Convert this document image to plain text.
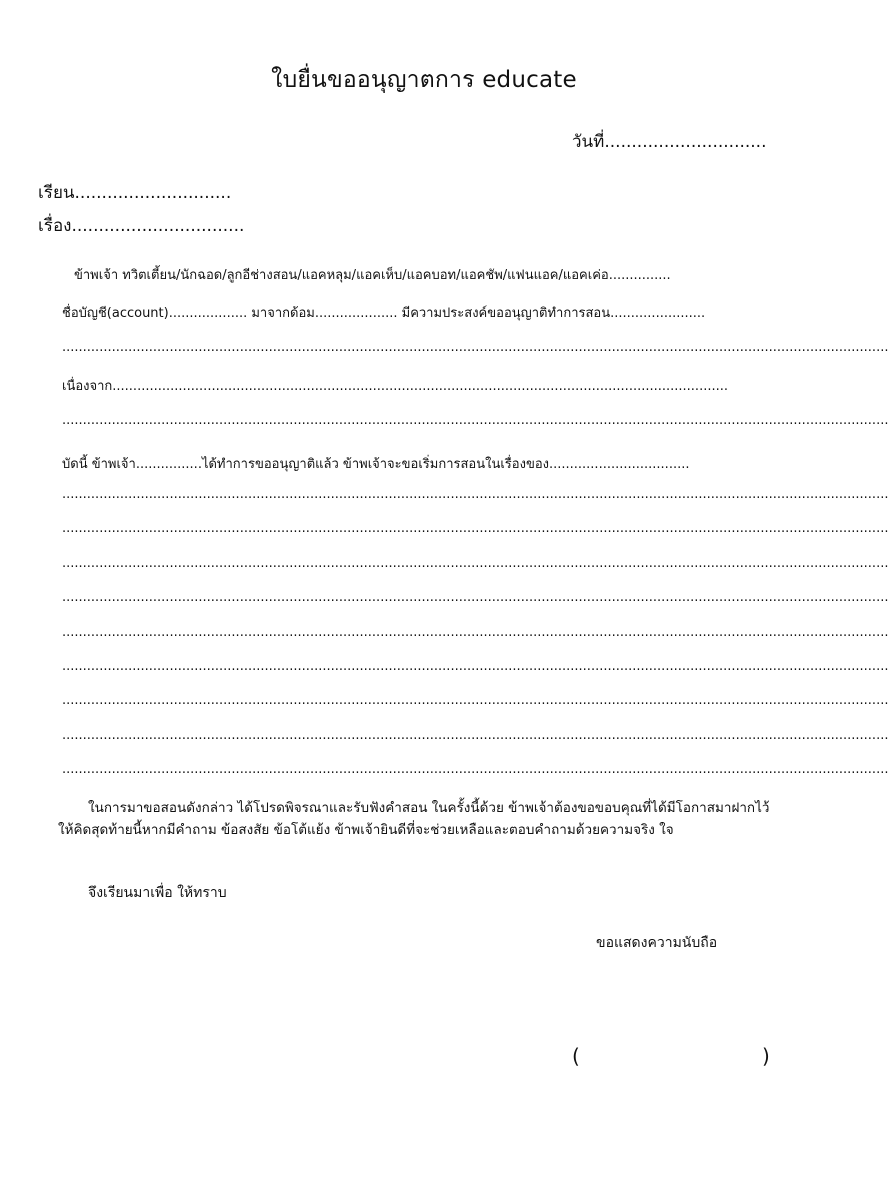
ใบยื่นขออนุญาตการ educate
วันที่..............................
เรียน.............................
เรื่อง................................
ข้าพเจ้า ทวิตเตี้ยน/นักฉอด/ลูกอีช่างสอน/แอคหลุม/แอคเห็บ/แอคบอท/แอคชัพ/แฟนแอค/แอคเค่อ...............
ชื่อบัญชี(account)................... มาจากด้อม.................... มีความประสงค์ขออนุญาติทำการสอน.......................
........................................................................................................................................................................................................
เนื่องจาก.....................................................................................................................................................
........................................................................................................................................................................................................
บัดนี้ ข้าพเจ้า................ได้ทำการขออนุญาติแล้ว ข้าพเจ้าจะขอเริ่มการสอนในเรื่องของ..................................
........................................................................................................................................................................................................
........................................................................................................................................................................................................
........................................................................................................................................................................................................
........................................................................................................................................................................................................
........................................................................................................................................................................................................
........................................................................................................................................................................................................
........................................................................................................................................................................................................
........................................................................................................................................................................................................
........................................................................................................................................................................................................
ในการมาขอสอนดังกล่าว ได้โปรดพิจรณาและรับฟังคำสอน ในครั้งนี้ด้วย ข้าพเจ้าต้องขอขอบคุณที่ได้มีโอกาสมาฝากไว้ให้คิดสุดท้ายนี้หากมีคำถาม ข้อสงสัย ข้อโต้แย้ง ข้าพเจ้ายินดีที่จะช่วยเหลือและตอบคำถามด้วยความจริง ใจ
จึงเรียนมาเพื่อ ให้ทราบ
ขอแสดงความนับถือ
(	)
